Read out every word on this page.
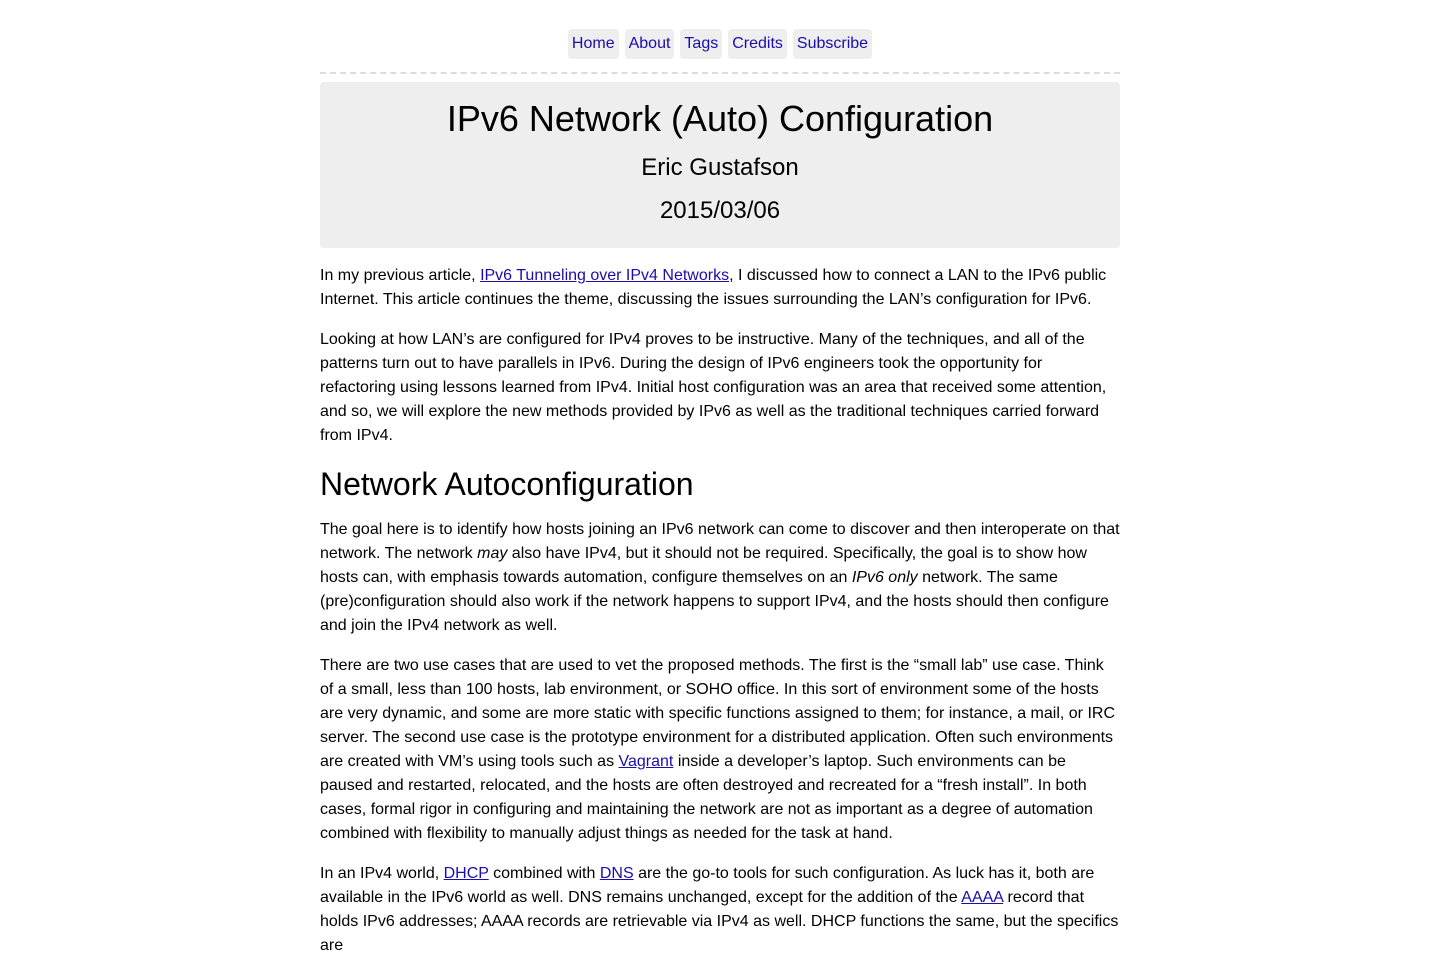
Home About Tags Credits Subscribe
IPv6 Network (Auto) Configuration
Eric Gustafson
2015/03/06

In my previous article, IPv6 Tunneling over IPv4 Networks, I discussed how to connect a LAN to the IPv6 public Internet. This article continues the theme, discussing the issues surrounding the LAN’s configuration for IPv6.

Looking at how LAN’s are configured for IPv4 proves to be instructive. Many of the techniques, and all of the patterns turn out to have parallels in IPv6. During the design of IPv6 engineers took the opportunity for refactoring using lessons learned from IPv4. Initial host configuration was an area that received some attention, and so, we will explore the new methods provided by IPv6 as well as the traditional techniques carried forward from IPv4.

Network Autoconfiguration

The goal here is to identify how hosts joining an IPv6 network can come to discover and then interoperate on that network. The network may also have IPv4, but it should not be required. Specifically, the goal is to show how hosts can, with emphasis towards automation, configure themselves on an IPv6 only network. The same (pre)configuration should also work if the network happens to support IPv4, and the hosts should then configure and join the IPv4 network as well.

There are two use cases that are used to vet the proposed methods. The first is the “small lab” use case. Think of a small, less than 100 hosts, lab environment, or SOHO office. In this sort of environment some of the hosts are very dynamic, and some are more static with specific functions assigned to them; for instance, a mail, or IRC server. The second use case is the prototype environment for a distributed application. Often such environments are created with VM’s using tools such as Vagrant inside a developer’s laptop. Such environments can be paused and restarted, relocated, and the hosts are often destroyed and recreated for a “fresh install”. In both cases, formal rigor in configuring and maintaining the network are not as important as a degree of automation combined with flexibility to manually adjust things as needed for the task at hand.

In an IPv4 world, DHCP combined with DNS are the go-to tools for such configuration. As luck has it, both are available in the IPv6 world as well. DNS remains unchanged, except for the addition of the AAAA record that holds IPv6 addresses; AAAA records are retrievable via IPv4 as well. DHCP functions the same, but the specifics are
